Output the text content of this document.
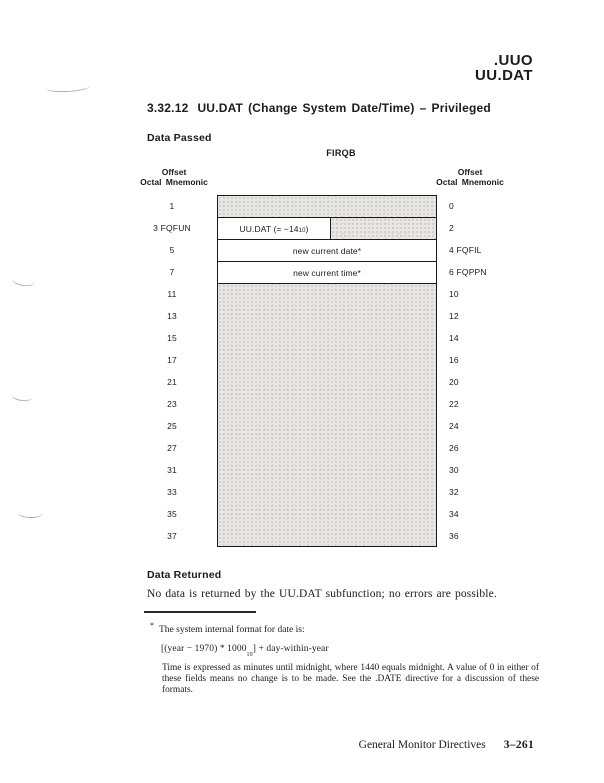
.UUO
UU.DAT
3.32.12 UU.DAT (Change System Date/Time) – Privileged
Data Passed
FIRQB
Offset
Octal Mnemonic
Offset
Octal Mnemonic
1
3 FQFUN
5
7
11
13
15
17
21
23
25
27
31
33
35
37
0
2
4 FQFIL
6 FQPPN
10
12
14
16
20
22
24
26
30
32
34
36
UU.DAT (= $-14_{10}$ )
new current date*
new current time*
Data Returned
No data is returned by the UU.DAT subfunction; no errors are possible.
* The system internal format for date is:
[(year − $1970) * 1000_{10}$] + day-within-year
Time is expressed as minutes until midnight, where 1440 equals midnight. A value of 0 in either of these fields means no change is to be made. See the .DATE directive for a discussion of these formats.
General Monitor Directives 3–261
